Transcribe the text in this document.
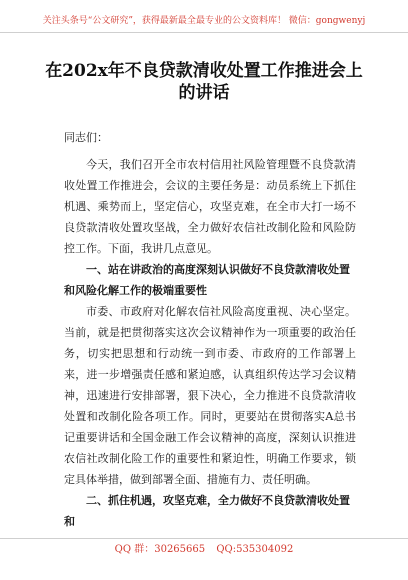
关注头条号“公文研究”，获得最新最全最专业的公文资料库！ 微信：gongwenyj
在202x年不良贷款清收处置工作推进会上的讲话

同志们：

今天，我们召开全市农村信用社风险管理暨不良贷款清收处置工作推进会，会议的主要任务是：动员系统上下抓住机遇、乘势而上，坚定信心，攻坚克难，在全市大打一场不良贷款清收处置攻坚战，全力做好农信社改制化险和风险防控工作。下面，我讲几点意见。

一、站在讲政治的高度深刻认识做好不良贷款清收处置和风险化解工作的极端重要性

市委、市政府对化解农信社风险高度重视、决心坚定。当前，就是把贯彻落实这次会议精神作为一项重要的政治任务，切实把思想和行动统一到市委、市政府的工作部署上来，进一步增强责任感和紧迫感，认真组织传达学习会议精神，迅速进行安排部署，狠下决心，全力推进不良贷款清收处置和改制化险各项工作。同时，更要站在贯彻落实A总书记重要讲话和全国金融工作会议精神的高度，深刻认识推进农信社改制化险工作的重要性和紧迫性，明确工作要求，锁定具体举措，做到部署全面、措施有力、责任明确。

二、抓住机遇，攻坚克难，全力做好不良贷款清收处置和

QQ 群：30265665 QQ:535304092
